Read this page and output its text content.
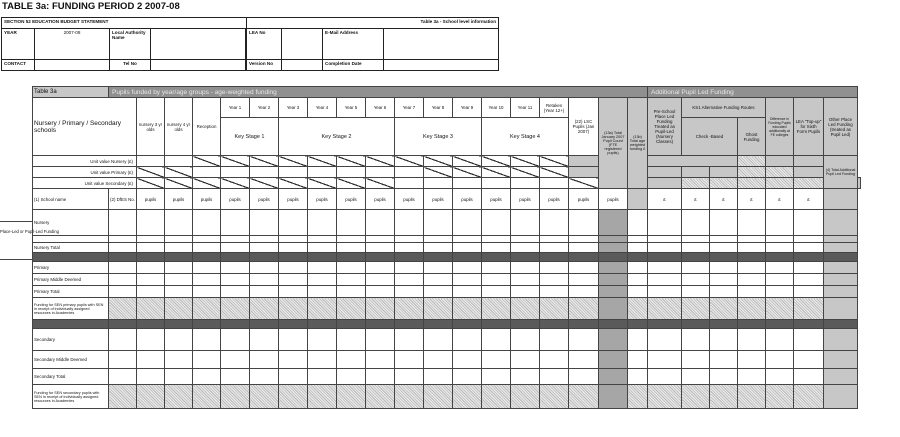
TABLE 3a: FUNDING PERIOD 2 2007-08
SECTION 52 EDUCATION BUDGET STATEMENT				Table 3a - School level information			
YEAR	2007-08	Local Authority Name			LEA No		E-Mail Address	
CONTACT		Tel No			Version No		Completion Date	
Place-Led or Pupil-Led Funding
Table 3a	Pupils funded by year/age groups - age-weighted funding																			Additional Pupil Led Funding							
Nursery / Primary / Secondary schools		nursery 3 yr olds	nursery 4 yr olds	Reception	Year 1	Year 2	Year 3	Year 4	Year 5	Year 6	Year 7	Year 8	Year 9	Year 10	Year 11	Retakes (Year 12+)	(22) LSC Pupils (Jan 2007)	(13a) Total January 2007 Pupil Count (FTE registered pupils)	(13b) Total age weighted funding £	Pre-School Place Led Funding Treated as Pupil-Led (Nursery Classes)	KS1 Alternative Funding Routes			Difference in Funding Pupils educated additionally at FE colleges	LEA "Top-up" for Sixth Form Pupils	Other Place Led Funding (treated as Pupil Led)	
					Key Stage 1		Key Stage 2				Key Stage 3			Key Stage 4							Check -Based		Ghost Funding				
Unit value Nursery (£)																										(4) Total Additional Pupil Led Funding	
Unit value Primary (£)																											
Unit value Secondary (£)																											
(1) School name	(2) DfES No.	pupils	pupils	pupils	pupils	pupils	pupils	pupils	pupils	pupils	pupils	pupils	pupils	pupils	pupils	pupils	pupils	pupils		£	£	£	£	£	£		
Nursery																											

Nursery Total																											

Primary																											
Primary Middle Deemed																											
Primary Total																											
Funding for SEN primary pupils with SEN in receipt of individually assigned resources in Academies																											

Secondary																											
Secondary Middle Deemed																											
Secondary Total																											
Funding for SEN secondary pupils with SEN in receipt of individually assigned resources in Academies																											
